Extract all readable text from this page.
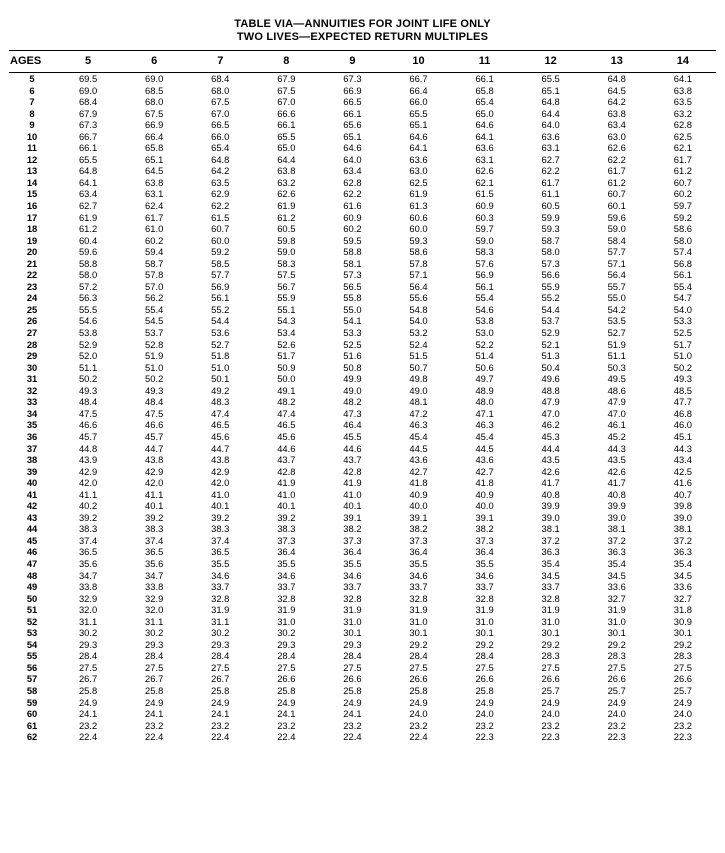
TABLE VIA—ANNUITIES FOR JOINT LIFE ONLY
TWO LIVES—EXPECTED RETURN MULTIPLES
AGES	5	6	7	8	9	10	11	12	13	14
5	69.5	69.0	68.4	67.9	67.3	66.7	66.1	65.5	64.8	64.1
6	69.0	68.5	68.0	67.5	66.9	66.4	65.8	65.1	64.5	63.8
7	68.4	68.0	67.5	67.0	66.5	66.0	65.4	64.8	64.2	63.5
8	67.9	67.5	67.0	66.6	66.1	65.5	65.0	64.4	63.8	63.2
9	67.3	66.9	66.5	66.1	65.6	65.1	64.6	64.0	63.4	62.8
10	66.7	66.4	66.0	65.5	65.1	64.6	64.1	63.6	63.0	62.5
11	66.1	65.8	65.4	65.0	64.6	64.1	63.6	63.1	62.6	62.1
12	65.5	65.1	64.8	64.4	64.0	63.6	63.1	62.7	62.2	61.7
13	64.8	64.5	64.2	63.8	63.4	63.0	62.6	62.2	61.7	61.2
14	64.1	63.8	63.5	63.2	62.8	62.5	62.1	61.7	61.2	60.7
15	63.4	63.1	62.9	62.6	62.2	61.9	61.5	61.1	60.7	60.2
16	62.7	62.4	62.2	61.9	61.6	61.3	60.9	60.5	60.1	59.7
17	61.9	61.7	61.5	61.2	60.9	60.6	60.3	59.9	59.6	59.2
18	61.2	61.0	60.7	60.5	60.2	60.0	59.7	59.3	59.0	58.6
19	60.4	60.2	60.0	59.8	59.5	59.3	59.0	58.7	58.4	58.0
20	59.6	59.4	59.2	59.0	58.8	58.6	58.3	58.0	57.7	57.4
21	58.8	58.7	58.5	58.3	58.1	57.8	57.6	57.3	57.1	56.8
22	58.0	57.8	57.7	57.5	57.3	57.1	56.9	56.6	56.4	56.1
23	57.2	57.0	56.9	56.7	56.5	56.4	56.1	55.9	55.7	55.4
24	56.3	56.2	56.1	55.9	55.8	55.6	55.4	55.2	55.0	54.7
25	55.5	55.4	55.2	55.1	55.0	54.8	54.6	54.4	54.2	54.0
26	54.6	54.5	54.4	54.3	54.1	54.0	53.8	53.7	53.5	53.3
27	53.8	53.7	53.6	53.4	53.3	53.2	53.0	52.9	52.7	52.5
28	52.9	52.8	52.7	52.6	52.5	52.4	52.2	52.1	51.9	51.7
29	52.0	51.9	51.8	51.7	51.6	51.5	51.4	51.3	51.1	51.0
30	51.1	51.0	51.0	50.9	50.8	50.7	50.6	50.4	50.3	50.2
31	50.2	50.2	50.1	50.0	49.9	49.8	49.7	49.6	49.5	49.3
32	49.3	49.3	49.2	49.1	49.0	49.0	48.9	48.8	48.6	48.5
33	48.4	48.4	48.3	48.2	48.2	48.1	48.0	47.9	47.9	47.7
34	47.5	47.5	47.4	47.4	47.3	47.2	47.1	47.0	47.0	46.8
35	46.6	46.6	46.5	46.5	46.4	46.3	46.3	46.2	46.1	46.0
36	45.7	45.7	45.6	45.6	45.5	45.4	45.4	45.3	45.2	45.1
37	44.8	44.7	44.7	44.6	44.6	44.5	44.5	44.4	44.3	44.3
38	43.9	43.8	43.8	43.7	43.7	43.6	43.6	43.5	43.5	43.4
39	42.9	42.9	42.9	42.8	42.8	42.7	42.7	42.6	42.6	42.5
40	42.0	42.0	42.0	41.9	41.9	41.8	41.8	41.7	41.7	41.6
41	41.1	41.1	41.0	41.0	41.0	40.9	40.9	40.8	40.8	40.7
42	40.2	40.1	40.1	40.1	40.1	40.0	40.0	39.9	39.9	39.8
43	39.2	39.2	39.2	39.2	39.1	39.1	39.1	39.0	39.0	39.0
44	38.3	38.3	38.3	38.3	38.2	38.2	38.2	38.1	38.1	38.1
45	37.4	37.4	37.4	37.3	37.3	37.3	37.3	37.2	37.2	37.2
46	36.5	36.5	36.5	36.4	36.4	36.4	36.4	36.3	36.3	36.3
47	35.6	35.6	35.5	35.5	35.5	35.5	35.5	35.4	35.4	35.4
48	34.7	34.7	34.6	34.6	34.6	34.6	34.6	34.5	34.5	34.5
49	33.8	33.8	33.7	33.7	33.7	33.7	33.7	33.7	33.6	33.6
50	32.9	32.9	32.8	32.8	32.8	32.8	32.8	32.8	32.7	32.7
51	32.0	32.0	31.9	31.9	31.9	31.9	31.9	31.9	31.9	31.8
52	31.1	31.1	31.1	31.0	31.0	31.0	31.0	31.0	31.0	30.9
53	30.2	30.2	30.2	30.2	30.1	30.1	30.1	30.1	30.1	30.1
54	29.3	29.3	29.3	29.3	29.3	29.2	29.2	29.2	29.2	29.2
55	28.4	28.4	28.4	28.4	28.4	28.4	28.4	28.3	28.3	28.3
56	27.5	27.5	27.5	27.5	27.5	27.5	27.5	27.5	27.5	27.5
57	26.7	26.7	26.7	26.6	26.6	26.6	26.6	26.6	26.6	26.6
58	25.8	25.8	25.8	25.8	25.8	25.8	25.8	25.7	25.7	25.7
59	24.9	24.9	24.9	24.9	24.9	24.9	24.9	24.9	24.9	24.9
60	24.1	24.1	24.1	24.1	24.1	24.0	24.0	24.0	24.0	24.0
61	23.2	23.2	23.2	23.2	23.2	23.2	23.2	23.2	23.2	23.2
62	22.4	22.4	22.4	22.4	22.4	22.4	22.3	22.3	22.3	22.3
